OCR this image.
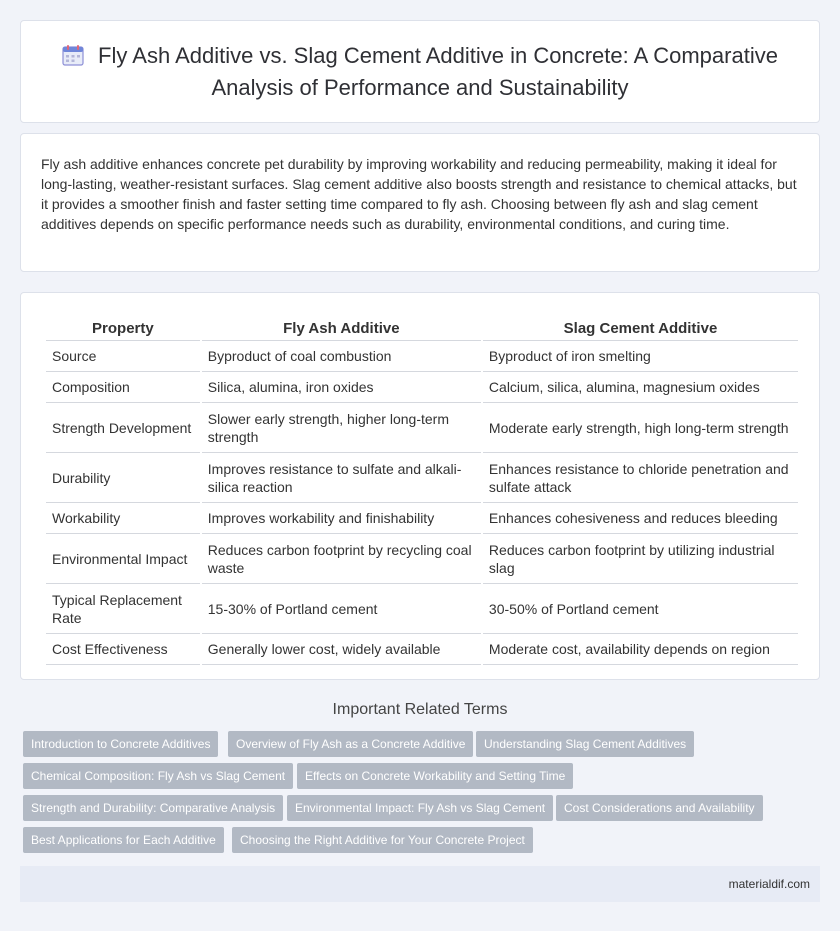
Fly Ash Additive vs. Slag Cement Additive in Concrete: A Comparative Analysis of Performance and Sustainability

Fly ash additive enhances concrete pet durability by improving workability and reducing permeability, making it ideal for long-lasting, weather-resistant surfaces. Slag cement additive also boosts strength and resistance to chemical attacks, but it provides a smoother finish and faster setting time compared to fly ash. Choosing between fly ash and slag cement additives depends on specific performance needs such as durability, environmental conditions, and curing time.

Property	Fly Ash Additive	Slag Cement Additive
Source	Byproduct of coal combustion	Byproduct of iron smelting
Composition	Silica, alumina, iron oxides	Calcium, silica, alumina, magnesium oxides
Strength Development	Slower early strength, higher long-term strength	Moderate early strength, high long-term strength
Durability	Improves resistance to sulfate and alkali-silica reaction	Enhances resistance to chloride penetration and sulfate attack
Workability	Improves workability and finishability	Enhances cohesiveness and reduces bleeding
Environmental Impact	Reduces carbon footprint by recycling coal waste	Reduces carbon footprint by utilizing industrial slag
Typical Replacement Rate	15-30% of Portland cement	30-50% of Portland cement
Cost Effectiveness	Generally lower cost, widely available	Moderate cost, availability depends on region
Important Related Terms
Introduction to Concrete Additives	Overview of Fly Ash as a Concrete Additive	Understanding Slag Cement Additives
Chemical Composition: Fly Ash vs Slag Cement	Effects on Concrete Workability and Setting Time
Strength and Durability: Comparative Analysis	Environmental Impact: Fly Ash vs Slag Cement	Cost Considerations and Availability
Best Applications for Each Additive	Choosing the Right Additive for Your Concrete Project
materialdif.com
